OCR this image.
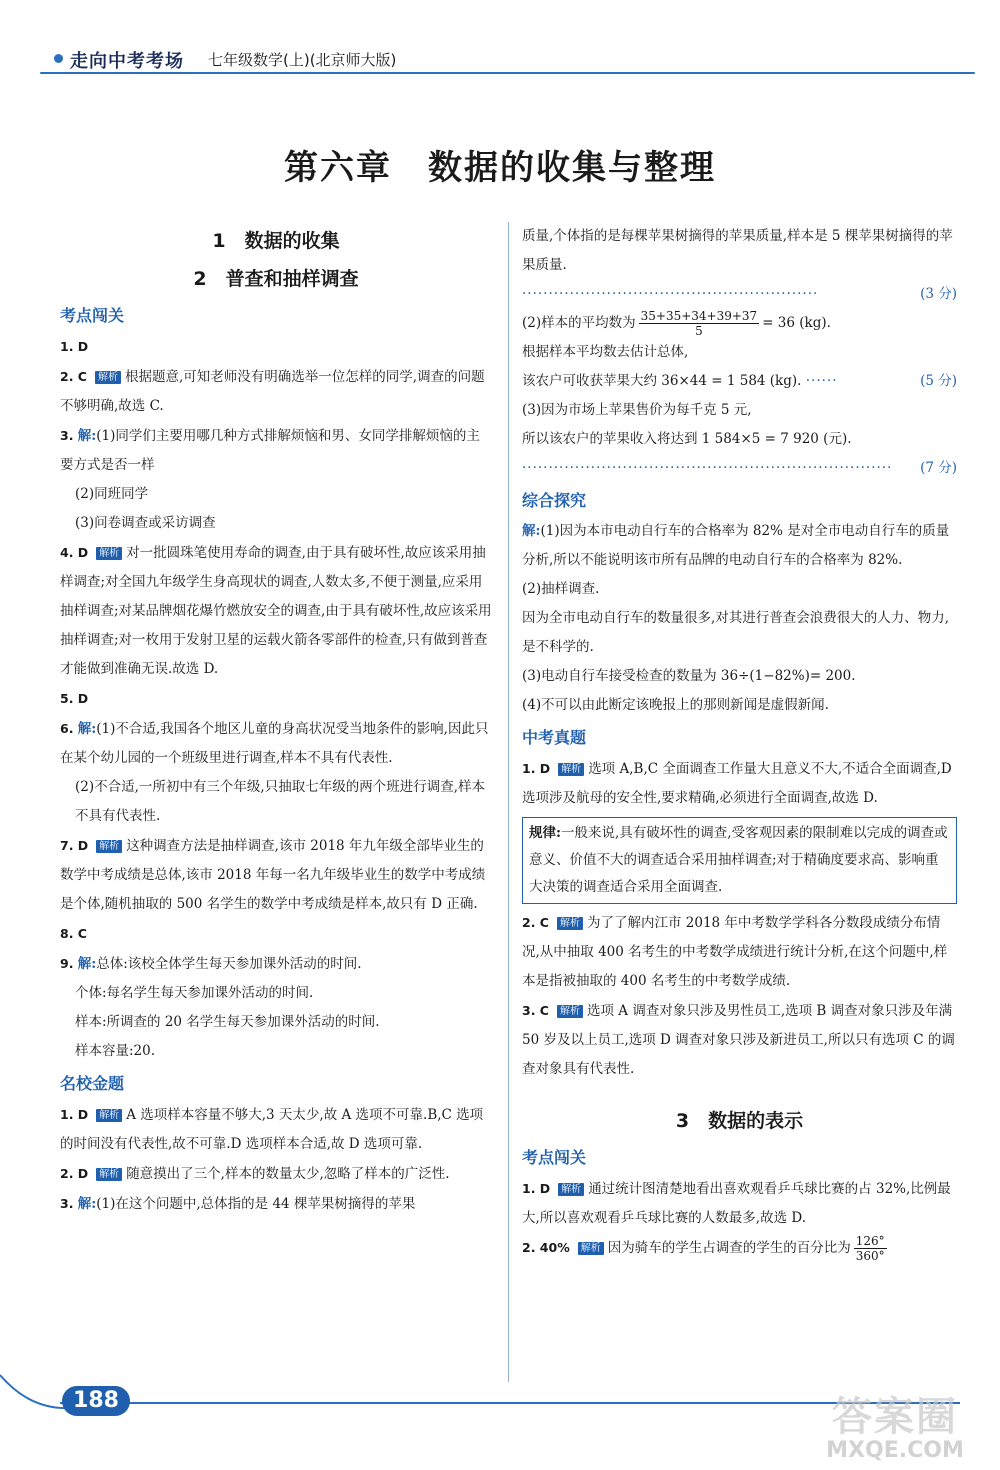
走向中考考场 七年级数学(上)(北京师大版)
第六章　数据的收集与整理
1　数据的收集
2　普查和抽样调查
考点闯关
1. D
2. C 解析 根据题意,可知老师没有明确选举一位怎样的同学,调查的问题不够明确,故选 C.
3. 解:(1)同学们主要用哪几种方式排解烦恼和男、女同学排解烦恼的主要方式是否一样
(2)同班同学
(3)问卷调查或采访调查
4. D 解析 对一批圆珠笔使用寿命的调查,由于具有破坏性,故应该采用抽样调查;对全国九年级学生身高现状的调查,人数太多,不便于测量,应采用抽样调查;对某品牌烟花爆竹燃放安全的调查,由于具有破坏性,故应该采用抽样调查;对一枚用于发射卫星的运载火箭各零部件的检查,只有做到普查才能做到准确无误.故选 D.
5. D
6. 解:(1)不合适,我国各个地区儿童的身高状况受当地条件的影响,因此只在某个幼儿园的一个班级里进行调查,样本不具有代表性.
(2)不合适,一所初中有三个年级,只抽取七年级的两个班进行调查,样本不具有代表性.
7. D 解析 这种调查方法是抽样调查,该市 2018 年九年级全部毕业生的数学中考成绩是总体,该市 2018 年每一名九年级毕业生的数学中考成绩是个体,随机抽取的 500 名学生的数学中考成绩是样本,故只有 D 正确.
8. C
9. 解:总体:该校全体学生每天参加课外活动的时间.
个体:每名学生每天参加课外活动的时间.
样本:所调查的 20 名学生每天参加课外活动的时间.
样本容量:20.
名校金题
1. D 解析 A 选项样本容量不够大,3 天太少,故 A 选项不可靠.B,C 选项的时间没有代表性,故不可靠.D 选项样本合适,故 D 选项可靠.
2. D 解析 随意摸出了三个,样本的数量太少,忽略了样本的广泛性.
3. 解:(1)在这个问题中,总体指的是 44 棵苹果树摘得的苹果
质量,个体指的是每棵苹果树摘得的苹果质量,样本是 5 棵苹果树摘得的苹果质量.
························································	(3 分)
(2)样本的平均数为 $\frac{35+35+34+39+37}{5} = 36$ (kg).
根据样本平均数去估计总体,
该农户可收获苹果大约 36×44 = 1 584 (kg). ······	(5 分)
(3)因为市场上苹果售价为每千克 5 元,
所以该农户的苹果收入将达到 1 584×5 = 7 920 (元).
······································································ (7 分)
综合探究
解:(1)因为本市电动自行车的合格率为 82% 是对全市电动自行车的质量分析,所以不能说明该市所有品牌的电动自行车的合格率为 82%.
(2)抽样调查.
因为全市电动自行车的数量很多,对其进行普查会浪费很大的人力、物力,是不科学的.
(3)电动自行车接受检查的数量为 36÷(1−82%)= 200.
(4)不可以由此断定该晚报上的那则新闻是虚假新闻.
中考真题
1. D 解析 选项 A,B,C 全面调查工作量大且意义不大,不适合全面调查,D 选项涉及航母的安全性,要求精确,必须进行全面调查,故选 D.
规律:一般来说,具有破坏性的调查,受客观因素的限制难以完成的调查或意义、价值不大的调查适合采用抽样调查;对于精确度要求高、影响重大决策的调查适合采用全面调查.
2. C 解析 为了了解内江市 2018 年中考数学学科各分数段成绩分布情况,从中抽取 400 名考生的中考数学成绩进行统计分析,在这个问题中,样本是指被抽取的 400 名考生的中考数学成绩.
3. C 解析 选项 A 调查对象只涉及男性员工,选项 B 调查对象只涉及年满 50 岁及以上员工,选项 D 调查对象只涉及新进员工,所以只有选项 C 的调查对象具有代表性.
3　数据的表示
考点闯关
1. D 解析 通过统计图清楚地看出喜欢观看乒乓球比赛的占 32%,比例最大,所以喜欢观看乒乓球比赛的人数最多,故选 D.
2. 40% 解析 因为骑车的学生占调查的学生的百分比为 $\frac{126^\circ}{360^\circ}$
188	答案圈
MXQE.COM
